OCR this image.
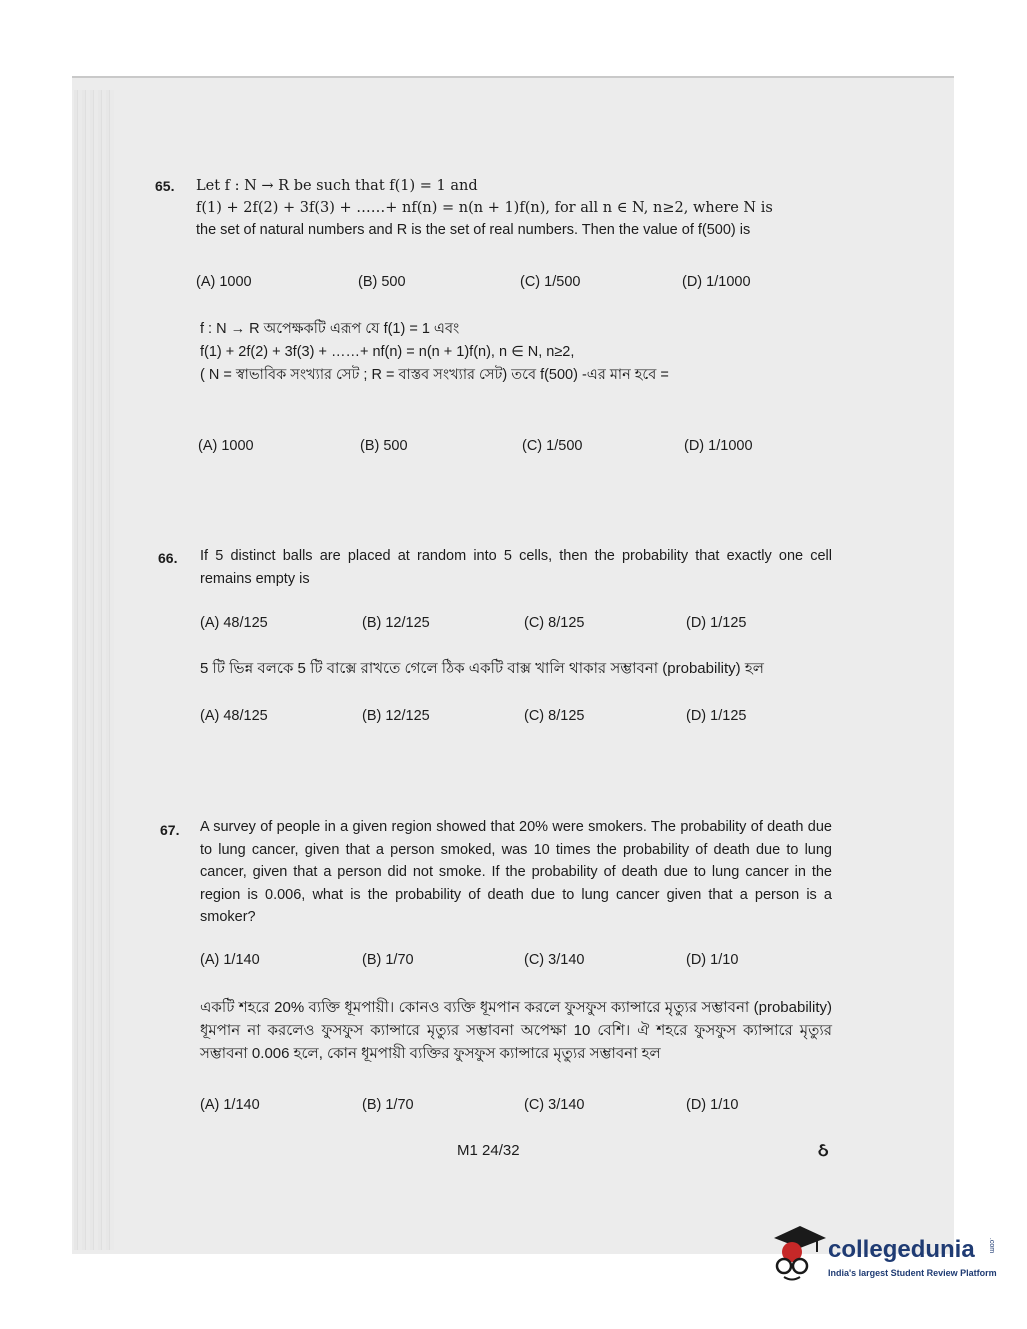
65. Let f : N → R be such that f(1) = 1 and
f(1) + 2f(2) + 3f(3) + ……+ nf(n) = n(n + 1)f(n), for all n ∈ N, n≥2, where N is
the set of natural numbers and R is the set of real numbers. Then the value of f(500) is
(A) 1000	(B) 500	(C) 1/500	(D) 1/1000
f : N → R অপেক্ষকটি এরূপ যে f(1) = 1 এবং
f(1) + 2f(2) + 3f(3) + ……+ nf(n) = n(n + 1)f(n), n ∈ N, n≥2,
( N = স্বাভাবিক সংখ্যার সেট ; R = বাস্তব সংখ্যার সেট) তবে f(500) -এর মান হবে =
(A) 1000	(B) 500	(C) 1/500	(D) 1/1000
66. If 5 distinct balls are placed at random into 5 cells, then the probability that exactly one cell remains empty is
(A) 48/125	(B) 12/125	(C) 8/125	(D) 1/125
5 টি ভিন্ন বলকে 5 টি বাক্সে রাখতে গেলে ঠিক একটি বাক্স খালি থাকার সম্ভাবনা (probability) হল
(A) 48/125	(B) 12/125	(C) 8/125	(D) 1/125
67. A survey of people in a given region showed that 20% were smokers. The probability of death due to lung cancer, given that a person smoked, was 10 times the probability of death due to lung cancer, given that a person did not smoke. If the probability of death due to lung cancer in the region is 0.006, what is the probability of death due to lung cancer given that a person is a smoker?
(A) 1/140	(B) 1/70	(C) 3/140	(D) 1/10
একটি শহরে 20% ব্যক্তি ধূমপায়ী। কোনও ব্যক্তি ধূমপান করলে ফুসফুস ক্যান্সারে মৃত্যুর সম্ভাবনা (probability) ধূমপান না করলেও ফুসফুস ক্যান্সারে মৃত্যুর সম্ভাবনা অপেক্ষা 10 বেশি। ঐ শহরে ফুসফুস ক্যান্সারে মৃত্যুর সম্ভাবনা 0.006 হলে, কোন ধূমপায়ী ব্যক্তির ফুসফুস ক্যান্সারে মৃত্যুর সম্ভাবনা হল
(A) 1/140	(B) 1/70	(C) 3/140	(D) 1/10
M1 24/32	ઠ
collegedunia .com
India's largest Student Review Platform
